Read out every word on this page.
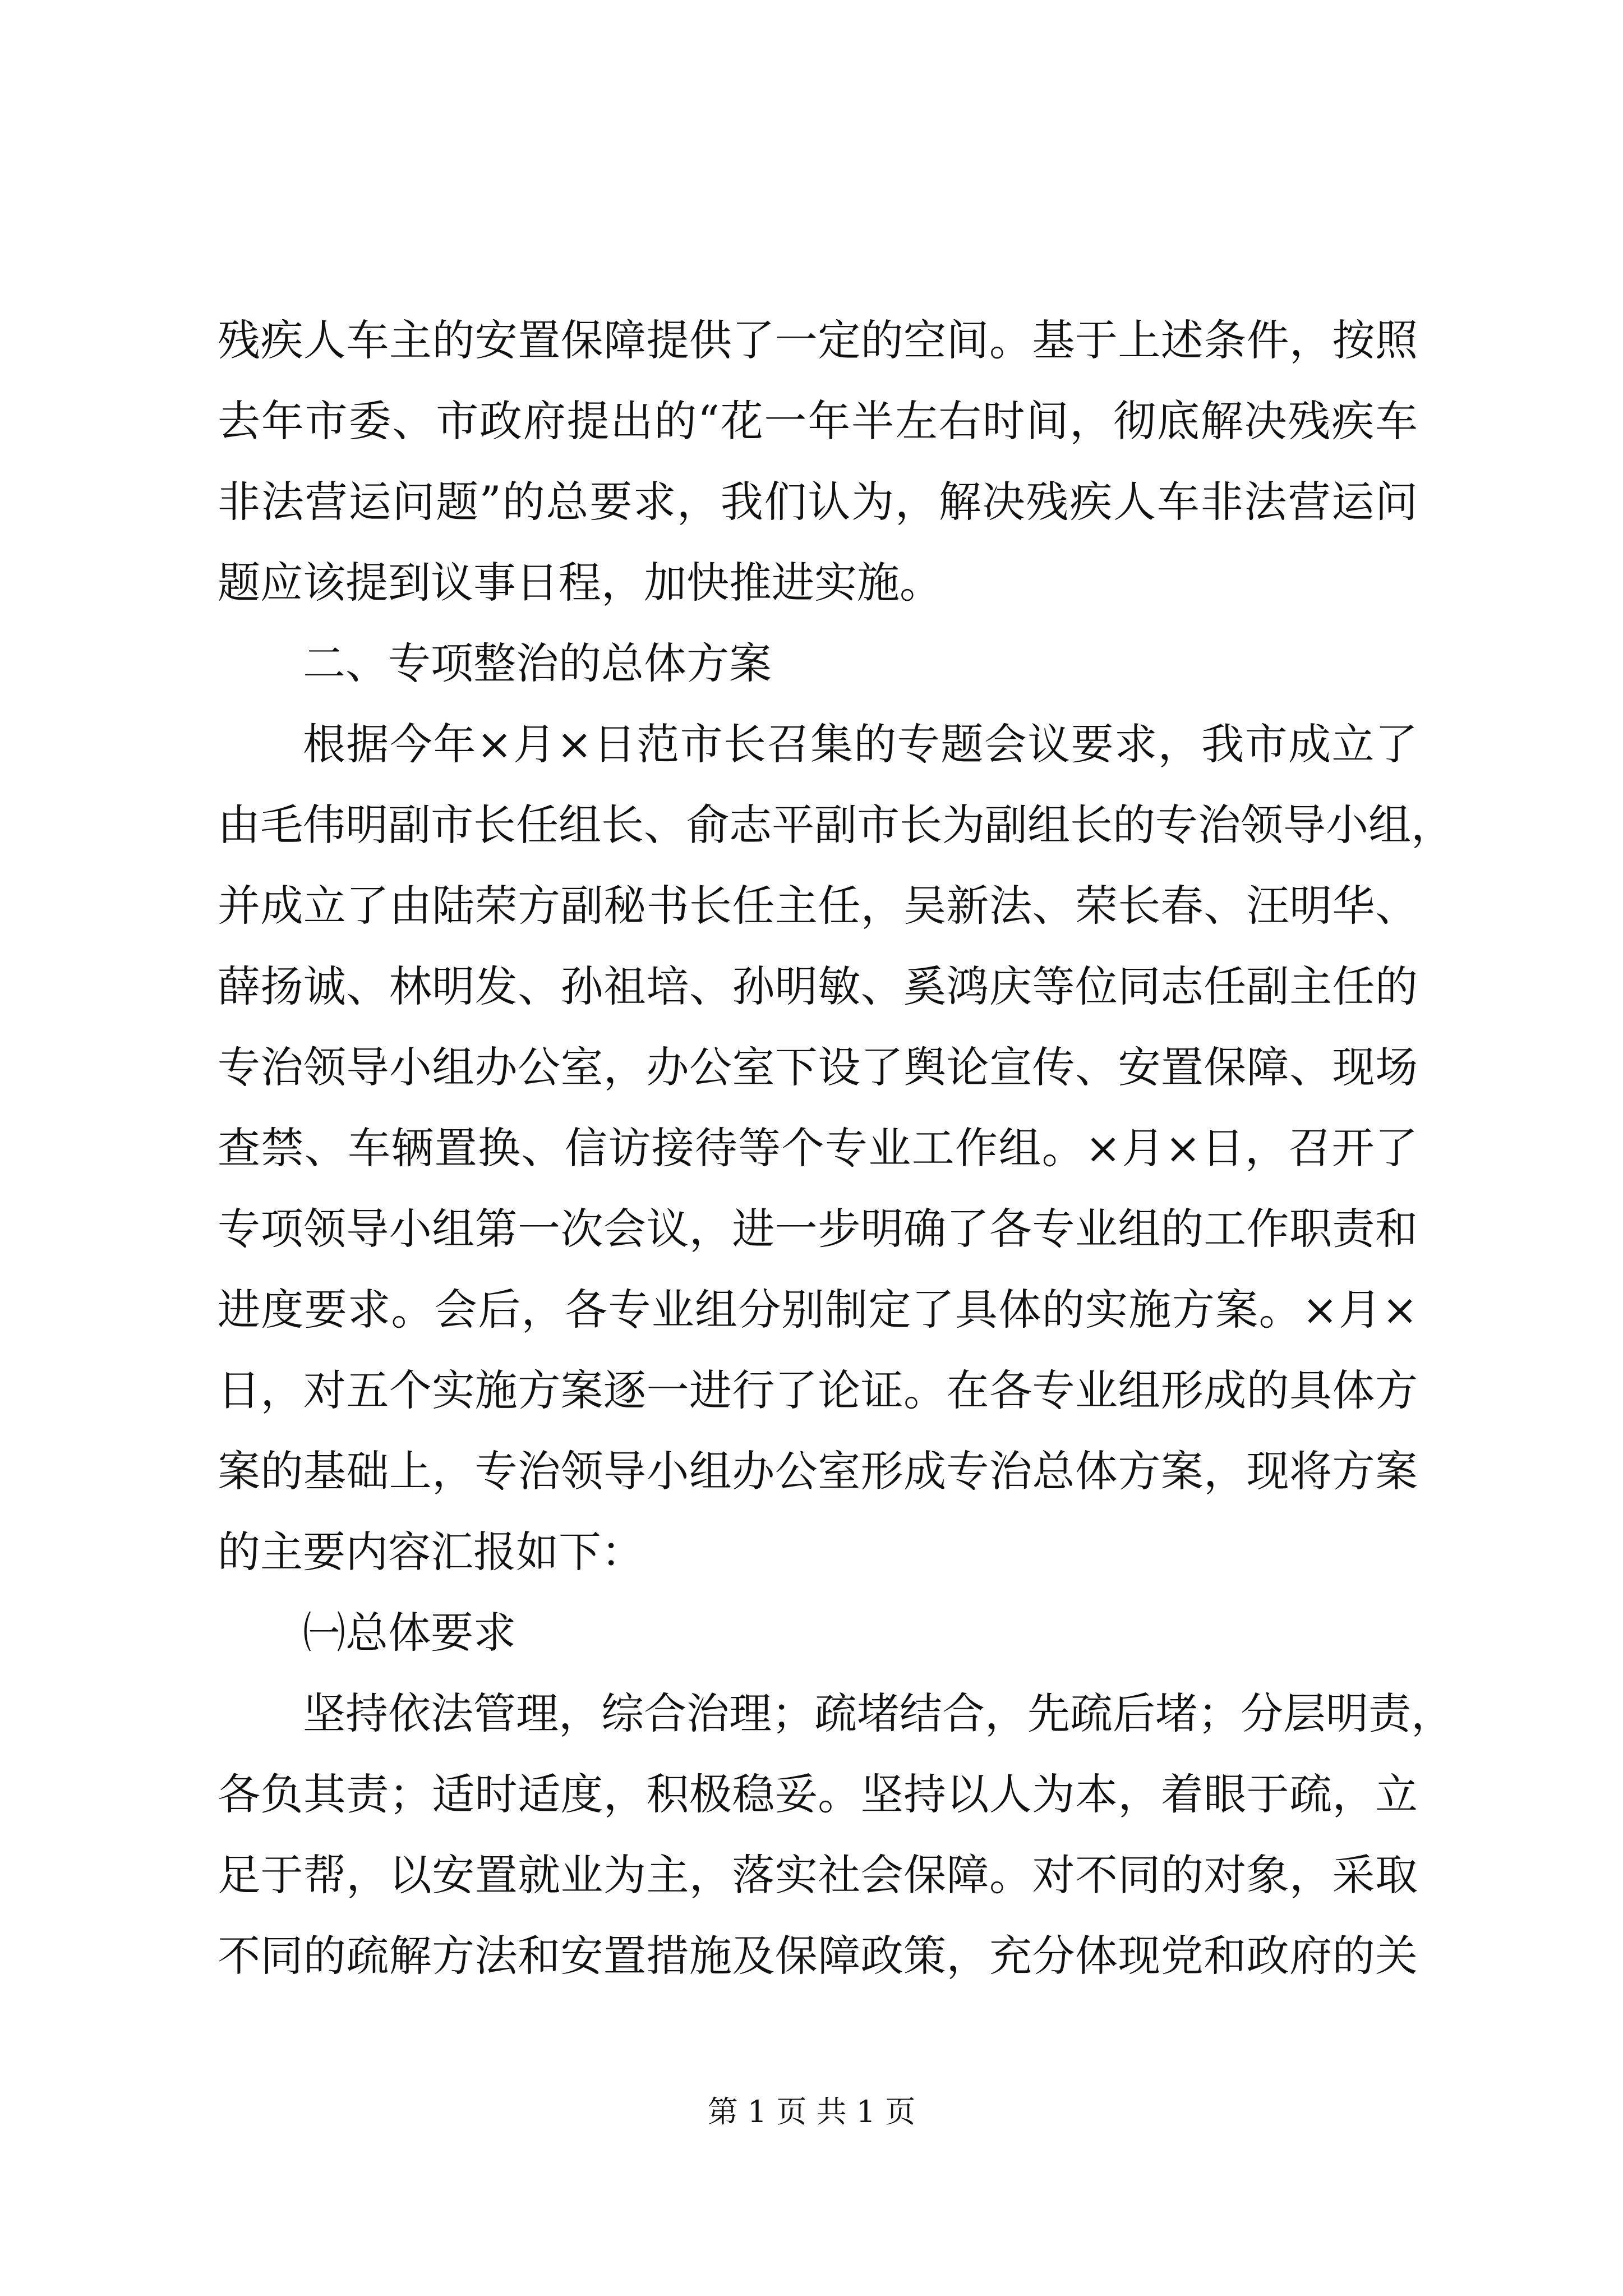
残疾人车主的安置保障提供了一定的空间。基于上述条件，按照
去年市委、市政府提出的“花一年半左右时间，彻底解决残疾车
非法营运问题”的总要求，我们认为，解决残疾人车非法营运问
题应该提到议事日程，加快推进实施。
二、专项整治的总体方案
根据今年×月×日范市长召集的专题会议要求，我市成立了
由毛伟明副市长任组长、俞志平副市长为副组长的专治领导小组，
并成立了由陆荣方副秘书长任主任，吴新法、荣长春、汪明华、
薛扬诚、林明发、孙祖培、孙明敏、奚鸿庆等位同志任副主任的
专治领导小组办公室，办公室下设了舆论宣传、安置保障、现场
查禁、车辆置换、信访接待等个专业工作组。×月×日，召开了
专项领导小组第一次会议，进一步明确了各专业组的工作职责和
进度要求。会后，各专业组分别制定了具体的实施方案。×月×
日，对五个实施方案逐一进行了论证。在各专业组形成的具体方
案的基础上，专治领导小组办公室形成专治总体方案，现将方案
的主要内容汇报如下：
㈠总体要求
坚持依法管理，综合治理；疏堵结合，先疏后堵；分层明责，
各负其责；适时适度，积极稳妥。坚持以人为本，着眼于疏，立
足于帮，以安置就业为主，落实社会保障。对不同的对象，采取
不同的疏解方法和安置措施及保障政策，充分体现党和政府的关
第 1 页 共 1 页
